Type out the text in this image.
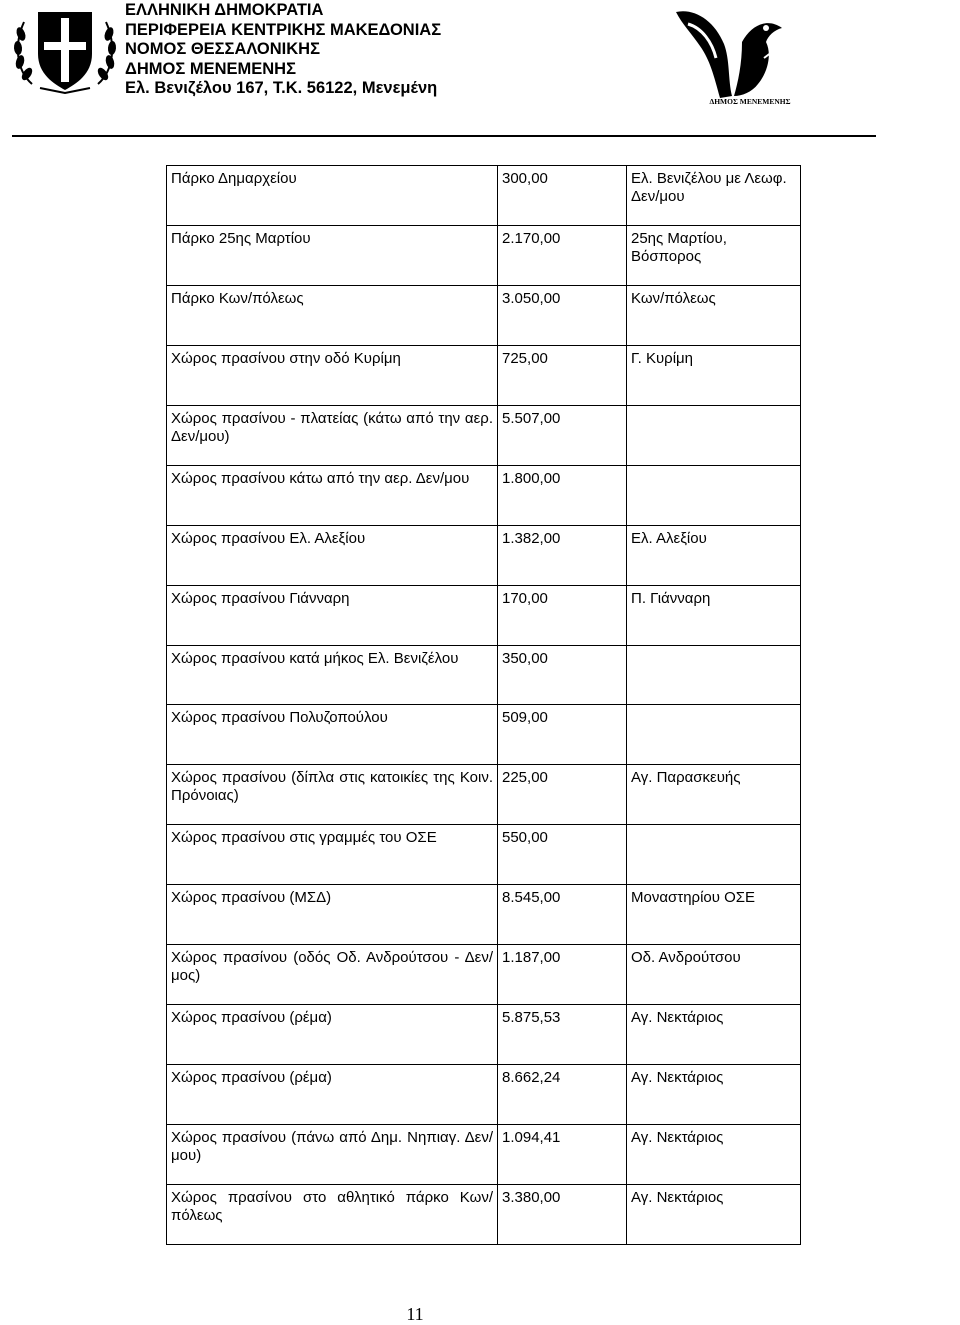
ΕΛΛΗΝΙΚΗ ΔΗΜΟΚΡΑΤΙΑ
ΠΕΡΙΦΕΡΕΙΑ ΚΕΝΤΡΙΚΗΣ ΜΑΚΕΔΟΝΙΑΣ
ΝΟΜΟΣ ΘΕΣΣΑΛΟΝΙΚΗΣ
ΔΗΜΟΣ ΜΕΝΕΜΕΝΗΣ
Ελ. Βενιζέλου 167, Τ.Κ. 56122, Μενεμένη
ΔΗΜΟΣ ΜΕΝΕΜΕΝΗΣ
Πάρκο Δημαρχείου	300,00	Ελ. Βενιζέλου με Λεωφ. Δεν/μου
Πάρκο 25ης Μαρτίου	2.170,00	25ης Μαρτίου, Βόσπορος
Πάρκο Κων/πόλεως	3.050,00	Κων/πόλεως
Χώρος πρασίνου στην οδό Κυρίμη	725,00	Γ. Κυρίμη
Χώρος πρασίνου - πλατείας (κάτω από την αερ. Δεν/μου)	5.507,00	
Χώρος πρασίνου κάτω από την αερ. Δεν/μου	1.800,00	
Χώρος πρασίνου Ελ. Αλεξίου	1.382,00	Ελ. Αλεξίου
Χώρος πρασίνου Γιάνναρη	170,00	Π. Γιάνναρη
Χώρος πρασίνου κατά μήκος Ελ. Βενιζέλου	350,00	
Χώρος πρασίνου Πολυζοπούλου	509,00	
Χώρος πρασίνου (δίπλα στις κατοικίες της Κοιν. Πρόνοιας)	225,00	Αγ. Παρασκευής
Χώρος πρασίνου στις γραμμές του ΟΣΕ	550,00	
Χώρος πρασίνου (ΜΣΔ)	8.545,00	Μοναστηρίου ΟΣΕ
Χώρος πρασίνου (οδός Οδ. Ανδρούτσου - Δεν/μος)	1.187,00	Οδ. Ανδρούτσου
Χώρος πρασίνου (ρέμα)	5.875,53	Αγ. Νεκτάριος
Χώρος πρασίνου (ρέμα)	8.662,24	Αγ. Νεκτάριος
Χώρος πρασίνου (πάνω από Δημ. Νηπιαγ. Δεν/μου)	1.094,41	Αγ. Νεκτάριος
Χώρος πρασίνου στο αθλητικό πάρκο Κων/πόλεως	3.380,00	Αγ. Νεκτάριος
11
